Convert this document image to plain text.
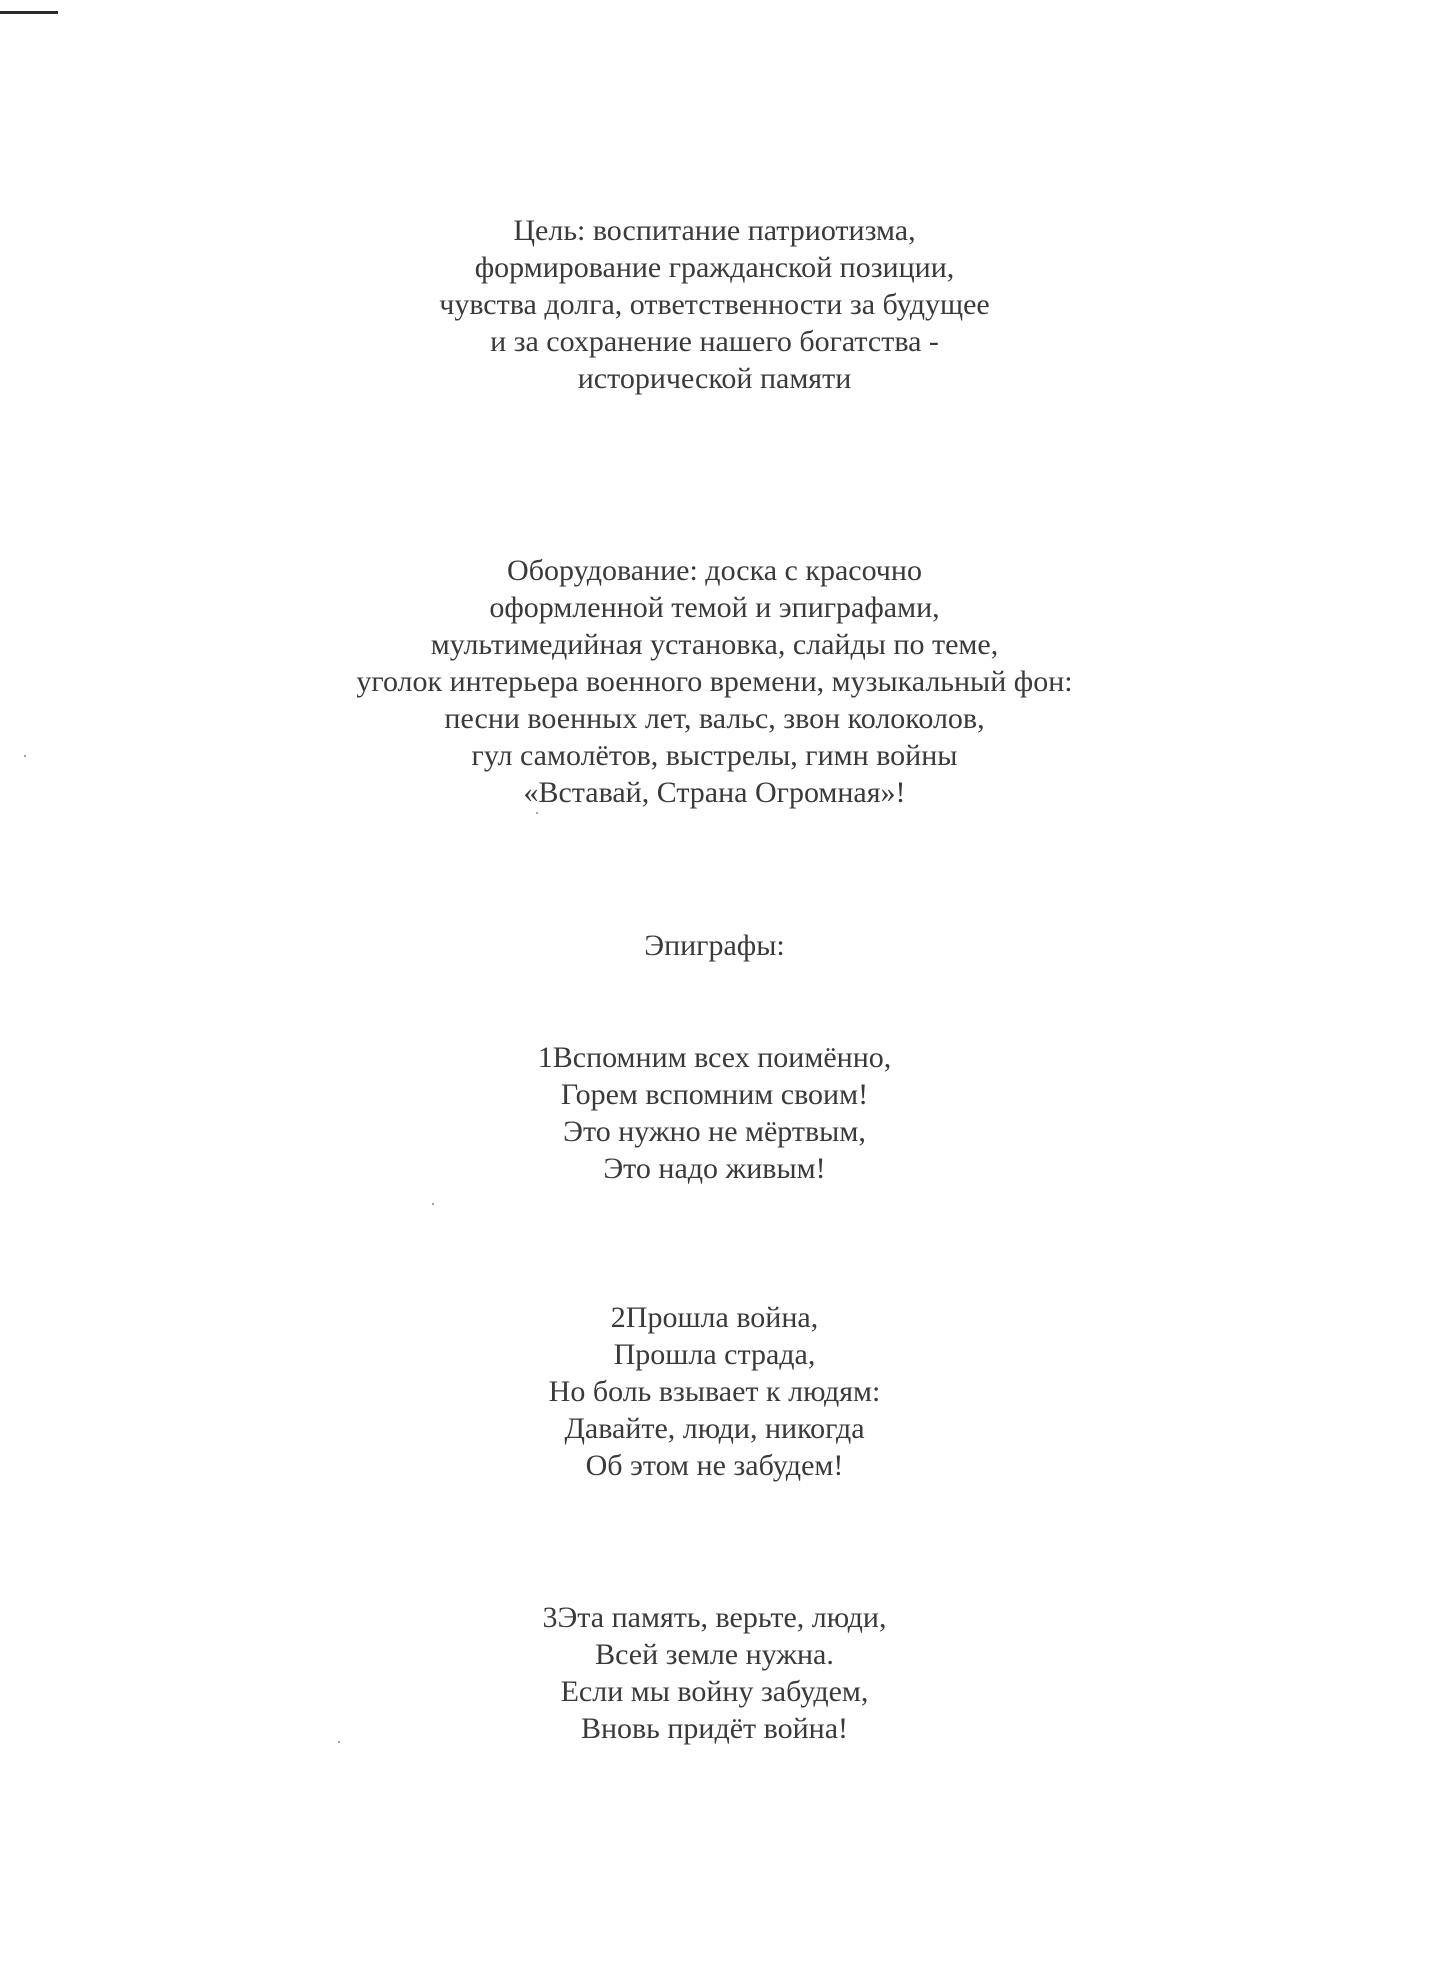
Цель: воспитание патриотизма,
формирование гражданской позиции,
чувства долга, ответственности за будущее
и за сохранение нашего богатства -
исторической памяти
Оборудование: доска с красочно
оформленной темой и эпиграфами,
мультимедийная установка, слайды по теме,
уголок интерьера военного времени, музыкальный фон:
песни военных лет, вальс, звон колоколов,
гул самолётов, выстрелы, гимн войны
«Вставай, Страна Огромная»!
Эпиграфы:
1Вспомним всех поимённо,
Горем вспомним своим!
Это нужно не мёртвым,
Это надо живым!
2Прошла война,
Прошла страда,
Но боль взывает к людям:
Давайте, люди, никогда
Об этом не забудем!
3Эта память, верьте, люди,
Всей земле нужна.
Если мы войну забудем,
Вновь придёт война!
